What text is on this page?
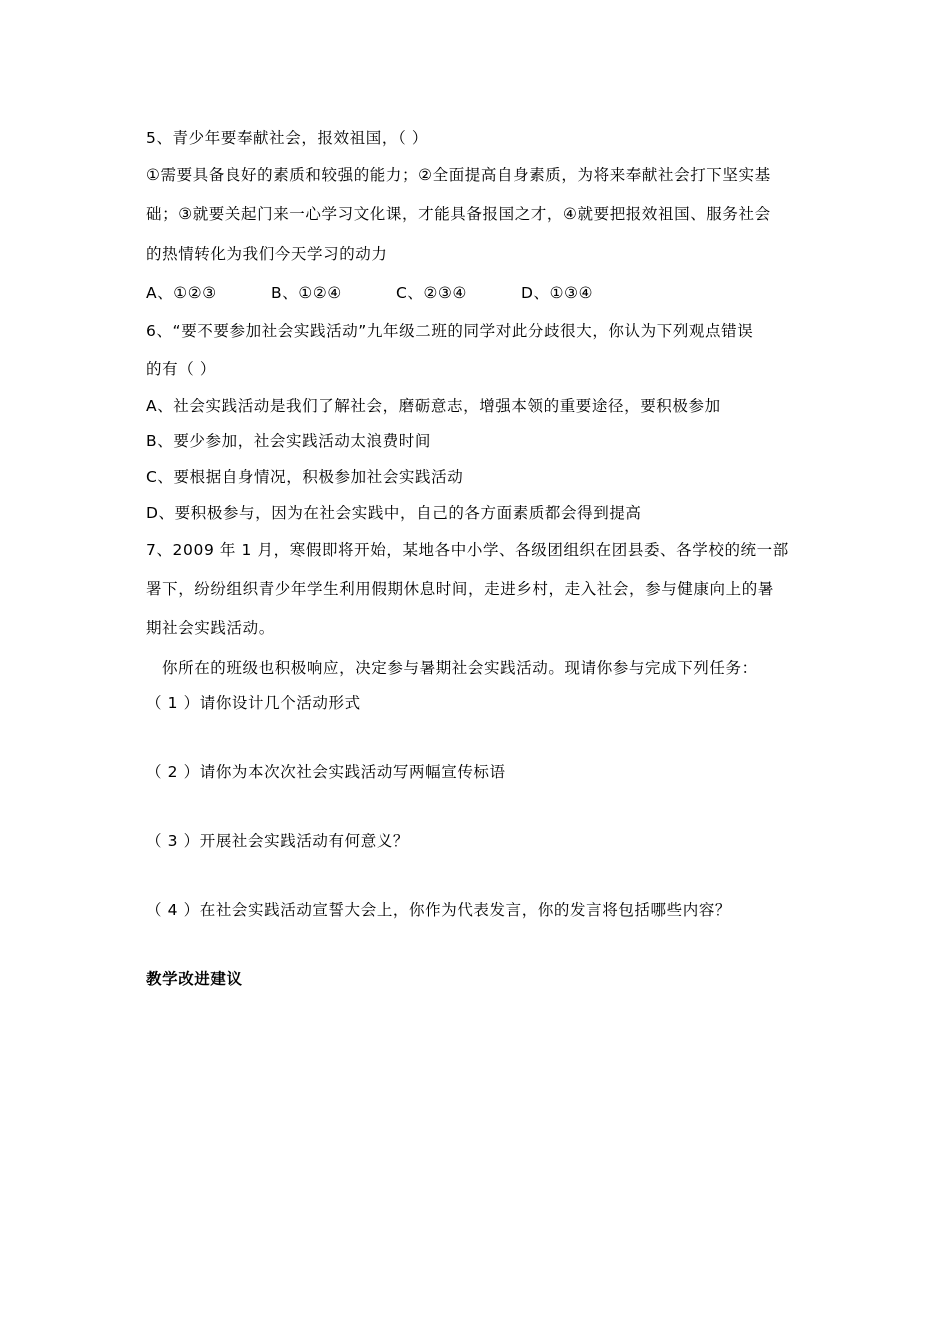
5、青少年要奉献社会，报效祖国，（ ）
①需要具备良好的素质和较强的能力；②全面提高自身素质，为将来奉献社会打下坚实基
础；③就要关起门来一心学习文化课，才能具备报国之才，④就要把报效祖国、服务社会
的热情转化为我们今天学习的动力
A、①②③	B、①②④	C、②③④	D、①③④
6、“要不要参加社会实践活动”九年级二班的同学对此分歧很大，你认为下列观点错误
的有（ ）
A、社会实践活动是我们了解社会，磨砺意志，增强本领的重要途径，要积极参加
B、要少参加，社会实践活动太浪费时间
C、要根据自身情况，积极参加社会实践活动
D、要积极参与，因为在社会实践中，自己的各方面素质都会得到提高
7、2009 年 1 月，寒假即将开始，某地各中小学、各级团组织在团县委、各学校的统一部
署下，纷纷组织青少年学生利用假期休息时间，走进乡村，走入社会，参与健康向上的暑
期社会实践活动。
你所在的班级也积极响应，决定参与暑期社会实践活动。现请你参与完成下列任务：
（ 1 ）请你设计几个活动形式
（ 2 ）请你为本次次社会实践活动写两幅宣传标语
（ 3 ）开展社会实践活动有何意义？
（ 4 ）在社会实践活动宣誓大会上，你作为代表发言，你的发言将包括哪些内容？
教学改进建议
